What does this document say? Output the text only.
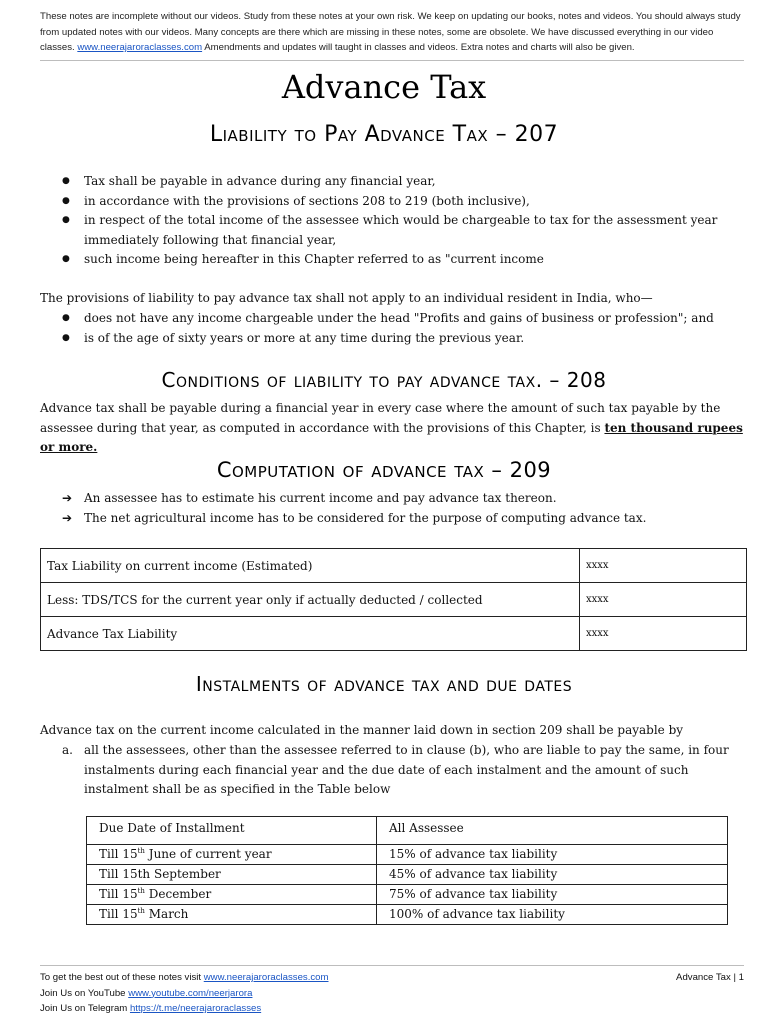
These notes are incomplete without our videos. Study from these notes at your own risk. We keep on updating our books, notes and videos. You should always study from updated notes with our videos. Many concepts are there which are missing in these notes, some are obsolete. We have discussed everything in our video classes. www.neerajaroraclasses.com Amendments and updates will taught in classes and videos. Extra notes and charts will also be given.
Advance Tax
Liability to Pay Advance Tax – 207
● Tax shall be payable in advance during any financial year,
● in accordance with the provisions of sections 208 to 219 (both inclusive),
● in respect of the total income of the assessee which would be chargeable to tax for the assessment year immediately following that financial year,
● such income being hereafter in this Chapter referred to as "current income
The provisions of liability to pay advance tax shall not apply to an individual resident in India, who—
● does not have any income chargeable under the head "Profits and gains of business or profession"; and
● is of the age of sixty years or more at any time during the previous year.
Conditions of liability to pay advance tax. – 208
Advance tax shall be payable during a financial year in every case where the amount of such tax payable by the assessee during that year, as computed in accordance with the provisions of this Chapter, is ten thousand rupees or more.
Computation of advance tax – 209
➔ An assessee has to estimate his current income and pay advance tax thereon.
➔ The net agricultural income has to be considered for the purpose of computing advance tax.
Tax Liability on current income (Estimated)	xxxx
Less: TDS/TCS for the current year only if actually deducted / collected	xxxx
Advance Tax Liability	xxxx
Instalments of advance tax and due dates
Advance tax on the current income calculated in the manner laid down in section 209 shall be payable by
a. all the assessees, other than the assessee referred to in clause (b), who are liable to pay the same, in four instalments during each financial year and the due date of each instalment and the amount of such instalment shall be as specified in the Table below
Due Date of Installment	All Assessee
Till 15th June of current year	15% of advance tax liability
Till 15th September	45% of advance tax liability
Till 15th December	75% of advance tax liability
Till 15th March	100% of advance tax liability
To get the best out of these notes visit www.neerajaroraclasses.com
Join Us on YouTube www.youtube.com/neerjarora
Join Us on Telegram https://t.me/neerajaroraclasses
Advance Tax | 1
